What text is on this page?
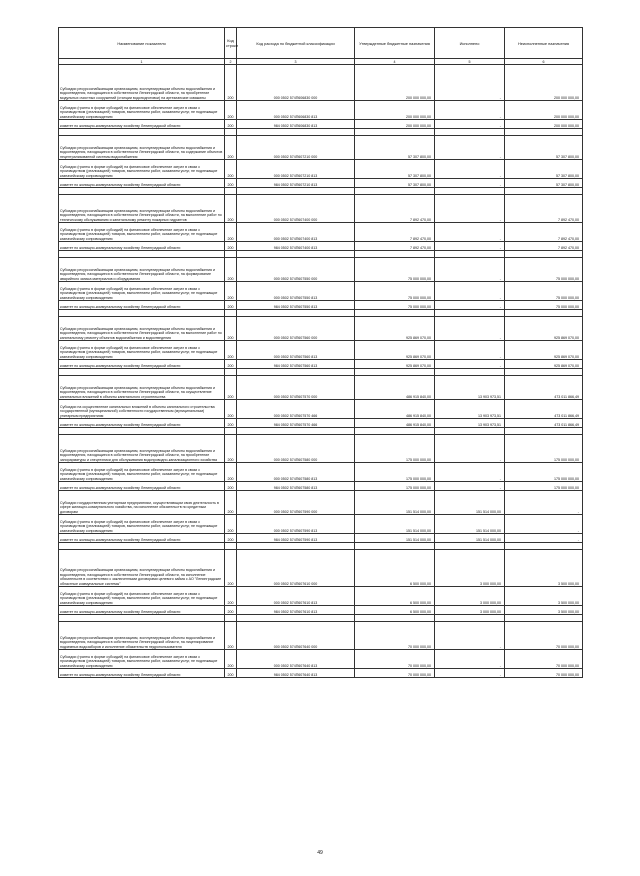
Наименование показателя	Код строки	Код расхода по бюджетной классификации	Утвержденные бюджетные назначения	Исполнено	Неисполненные назначения
1	2	3	4	5	6
Субсидии ресурсоснабжающим организациям, эксплуатирующим объекты водоснабжения и водоотведения, находящиеся в собственности Ленинградской области, на приобретение модульных очистных сооружений (станции водоподготовки) на артезианские скважины	200	000 0502 574П606830 000	200 000 000,00	-	200 000 000,00
Субсидии (гранты в форме субсидий) на финансовое обеспечение затрат в связи с производством (реализацией) товаров, выполнением работ, оказанием услуг, не подлежащие казначейскому сопровождению	200	000 0502 574П606830 813	200 000 000,00	-	200 000 000,00
комитет по жилищно-коммунальному хозяйству Ленинградской области	200	984 0502 574П606830 813	200 000 000,00	-	200 000 000,00

Субсидии ресурсоснабжающим организациям, эксплуатирующим объекты водоснабжения и водоотведения, находящиеся в собственности Ленинградской области, на содержание объектов нецентрализованной системы водоснабжения	200	000 0502 574П607210 000	57 307 800,00	-	57 307 800,00
Субсидии (гранты в форме субсидий) на финансовое обеспечение затрат в связи с производством (реализацией) товаров, выполнением работ, оказанием услуг, не подлежащие казначейскому сопровождению	200	000 0502 574П607210 813	57 307 800,00	-	57 307 800,00
комитет по жилищно-коммунальному хозяйству Ленинградской области	200	984 0502 574П607210 813	57 307 800,00	-	57 307 800,00

Субсидии ресурсоснабжающим организациям, эксплуатирующим объекты водоснабжения и водоотведения, находящиеся в собственности Ленинградской области, на выполнение работ по техническому обслуживанию и капитальному ремонту пожарных гидрантов	200	000 0502 574П607400 000	7 892 470,00	-	7 892 470,00
Субсидии (гранты в форме субсидий) на финансовое обеспечение затрат в связи с производством (реализацией) товаров, выполнением работ, оказанием услуг, не подлежащие казначейскому сопровождению	200	000 0502 574П607400 813	7 892 470,00	-	7 892 470,00
комитет по жилищно-коммунальному хозяйству Ленинградской области	200	984 0502 574П607400 813	7 892 470,00	-	7 892 470,00

Субсидии ресурсоснабжающим организациям, эксплуатирующим объекты водоснабжения и водоотведения, находящиеся в собственности Ленинградской области, на формирование аварийного запаса материалов и оборудования	200	000 0502 574П607550 000	75 000 000,00	-	75 000 000,00
Субсидии (гранты в форме субсидий) на финансовое обеспечение затрат в связи с производством (реализацией) товаров, выполнением работ, оказанием услуг, не подлежащие казначейскому сопровождению	200	000 0502 574П607550 813	75 000 000,00	-	75 000 000,00
комитет по жилищно-коммунальному хозяйству Ленинградской области	200	984 0502 574П607550 813	75 000 000,00	-	75 000 000,00

Субсидии ресурсоснабжающим организациям, эксплуатирующим объекты водоснабжения и водоотведения, находящиеся в собственности Ленинградской области, на выполнение работ по капитальному ремонту объектов водоснабжения и водоотведения	200	000 0502 574П607560 000	925 869 070,00	-	925 869 070,00
Субсидии (гранты в форме субсидий) на финансовое обеспечение затрат в связи с производством (реализацией) товаров, выполнением работ, оказанием услуг, не подлежащие казначейскому сопровождению	200	000 0502 574П607560 813	925 869 070,00	-	925 869 070,00
комитет по жилищно-коммунальному хозяйству Ленинградской области	200	984 0502 574П607560 813	925 869 070,00	-	925 869 070,00

Субсидии ресурсоснабжающим организациям, эксплуатирующим объекты водоснабжения и водоотведения, находящиеся в собственности Ленинградской области, на осуществление капитальных вложений в объекты капитального строительства	200	000 0502 574П607570 000	486 915 840,00	13 903 973,51	473 011 866,49
Субсидии на осуществление капитальных вложений в объекты капитального строительства государственной (муниципальной) собственности государственным (муниципальным) унитарным предприятиям	200	000 0502 574П607570 466	486 915 840,00	13 903 973,51	473 011 866,49
комитет по жилищно-коммунальному хозяйству Ленинградской области	200	984 0502 574П607570 466	486 915 840,00	13 903 973,51	473 011 866,49

Субсидии ресурсоснабжающим организациям, эксплуатирующим объекты водоснабжения и водоотведения, находящиеся в собственности Ленинградской области, на приобретение запорарматуры и спецтехники для обслуживания водопроводно-канализационного хозяйства	200	000 0502 574П607580 000	175 000 000,00	-	175 000 000,00
Субсидии (гранты в форме субсидий) на финансовое обеспечение затрат в связи с производством (реализацией) товаров, выполнением работ, оказанием услуг, не подлежащие казначейскому сопровождению	200	000 0502 574П607580 813	175 000 000,00	-	175 000 000,00
комитет по жилищно-коммунальному хозяйству Ленинградской области	200	984 0502 574П607580 813	175 000 000,00	-	175 000 000,00
Субсидии государственным унитарным предприятиям, осуществляющим свою деятельность в сфере жилищно-коммунального хозяйства, на исполнение обязательств по кредитным договорам	200	000 0502 574П607590 000	151 514 000,00	151 514 000,00	-
Субсидии (гранты в форме субсидий) на финансовое обеспечение затрат в связи с производством (реализацией) товаров, выполнением работ, оказанием услуг, не подлежащие казначейскому сопровождению	200	000 0502 574П607590 813	151 514 000,00	151 514 000,00	-
комитет по жилищно-коммунальному хозяйству Ленинградской области	200	984 0502 574П607590 813	151 514 000,00	151 514 000,00	-

Субсидии ресурсоснабжающим организациям, эксплуатирующим объекты водоснабжения и водоотведения, находящиеся в собственности Ленинградской области, на исполнение обязательств в соответствии с заключенными договорами целевого займа с АО "Ленинградские областные коммунальные системы"	200	000 0502 574П607610 000	6 500 000,00	3 000 000,00	3 500 000,00
Субсидии (гранты в форме субсидий) на финансовое обеспечение затрат в связи с производством (реализацией) товаров, выполнением работ, оказанием услуг, не подлежащие казначейскому сопровождению	200	000 0502 574П607610 813	6 500 000,00	3 000 000,00	3 500 000,00
комитет по жилищно-коммунальному хозяйству Ленинградской области	200	984 0502 574П607610 813	6 500 000,00	3 000 000,00	3 500 000,00

Субсидии ресурсоснабжающим организациям, эксплуатирующим объекты водоснабжения и водоотведения, находящиеся в собственности Ленинградской области, на лицензирование подземных водозаборов и исполнение обязательств недропользователя	200	000 0502 574П607640 000	70 000 000,00	-	70 000 000,00
Субсидии (гранты в форме субсидий) на финансовое обеспечение затрат в связи с производством (реализацией) товаров, выполнением работ, оказанием услуг, не подлежащие казначейскому сопровождению	200	000 0502 574П607640 813	70 000 000,00	-	70 000 000,00
комитет по жилищно-коммунальному хозяйству Ленинградской области	200	984 0502 574П607640 813	70 000 000,00	-	70 000 000,00
49
